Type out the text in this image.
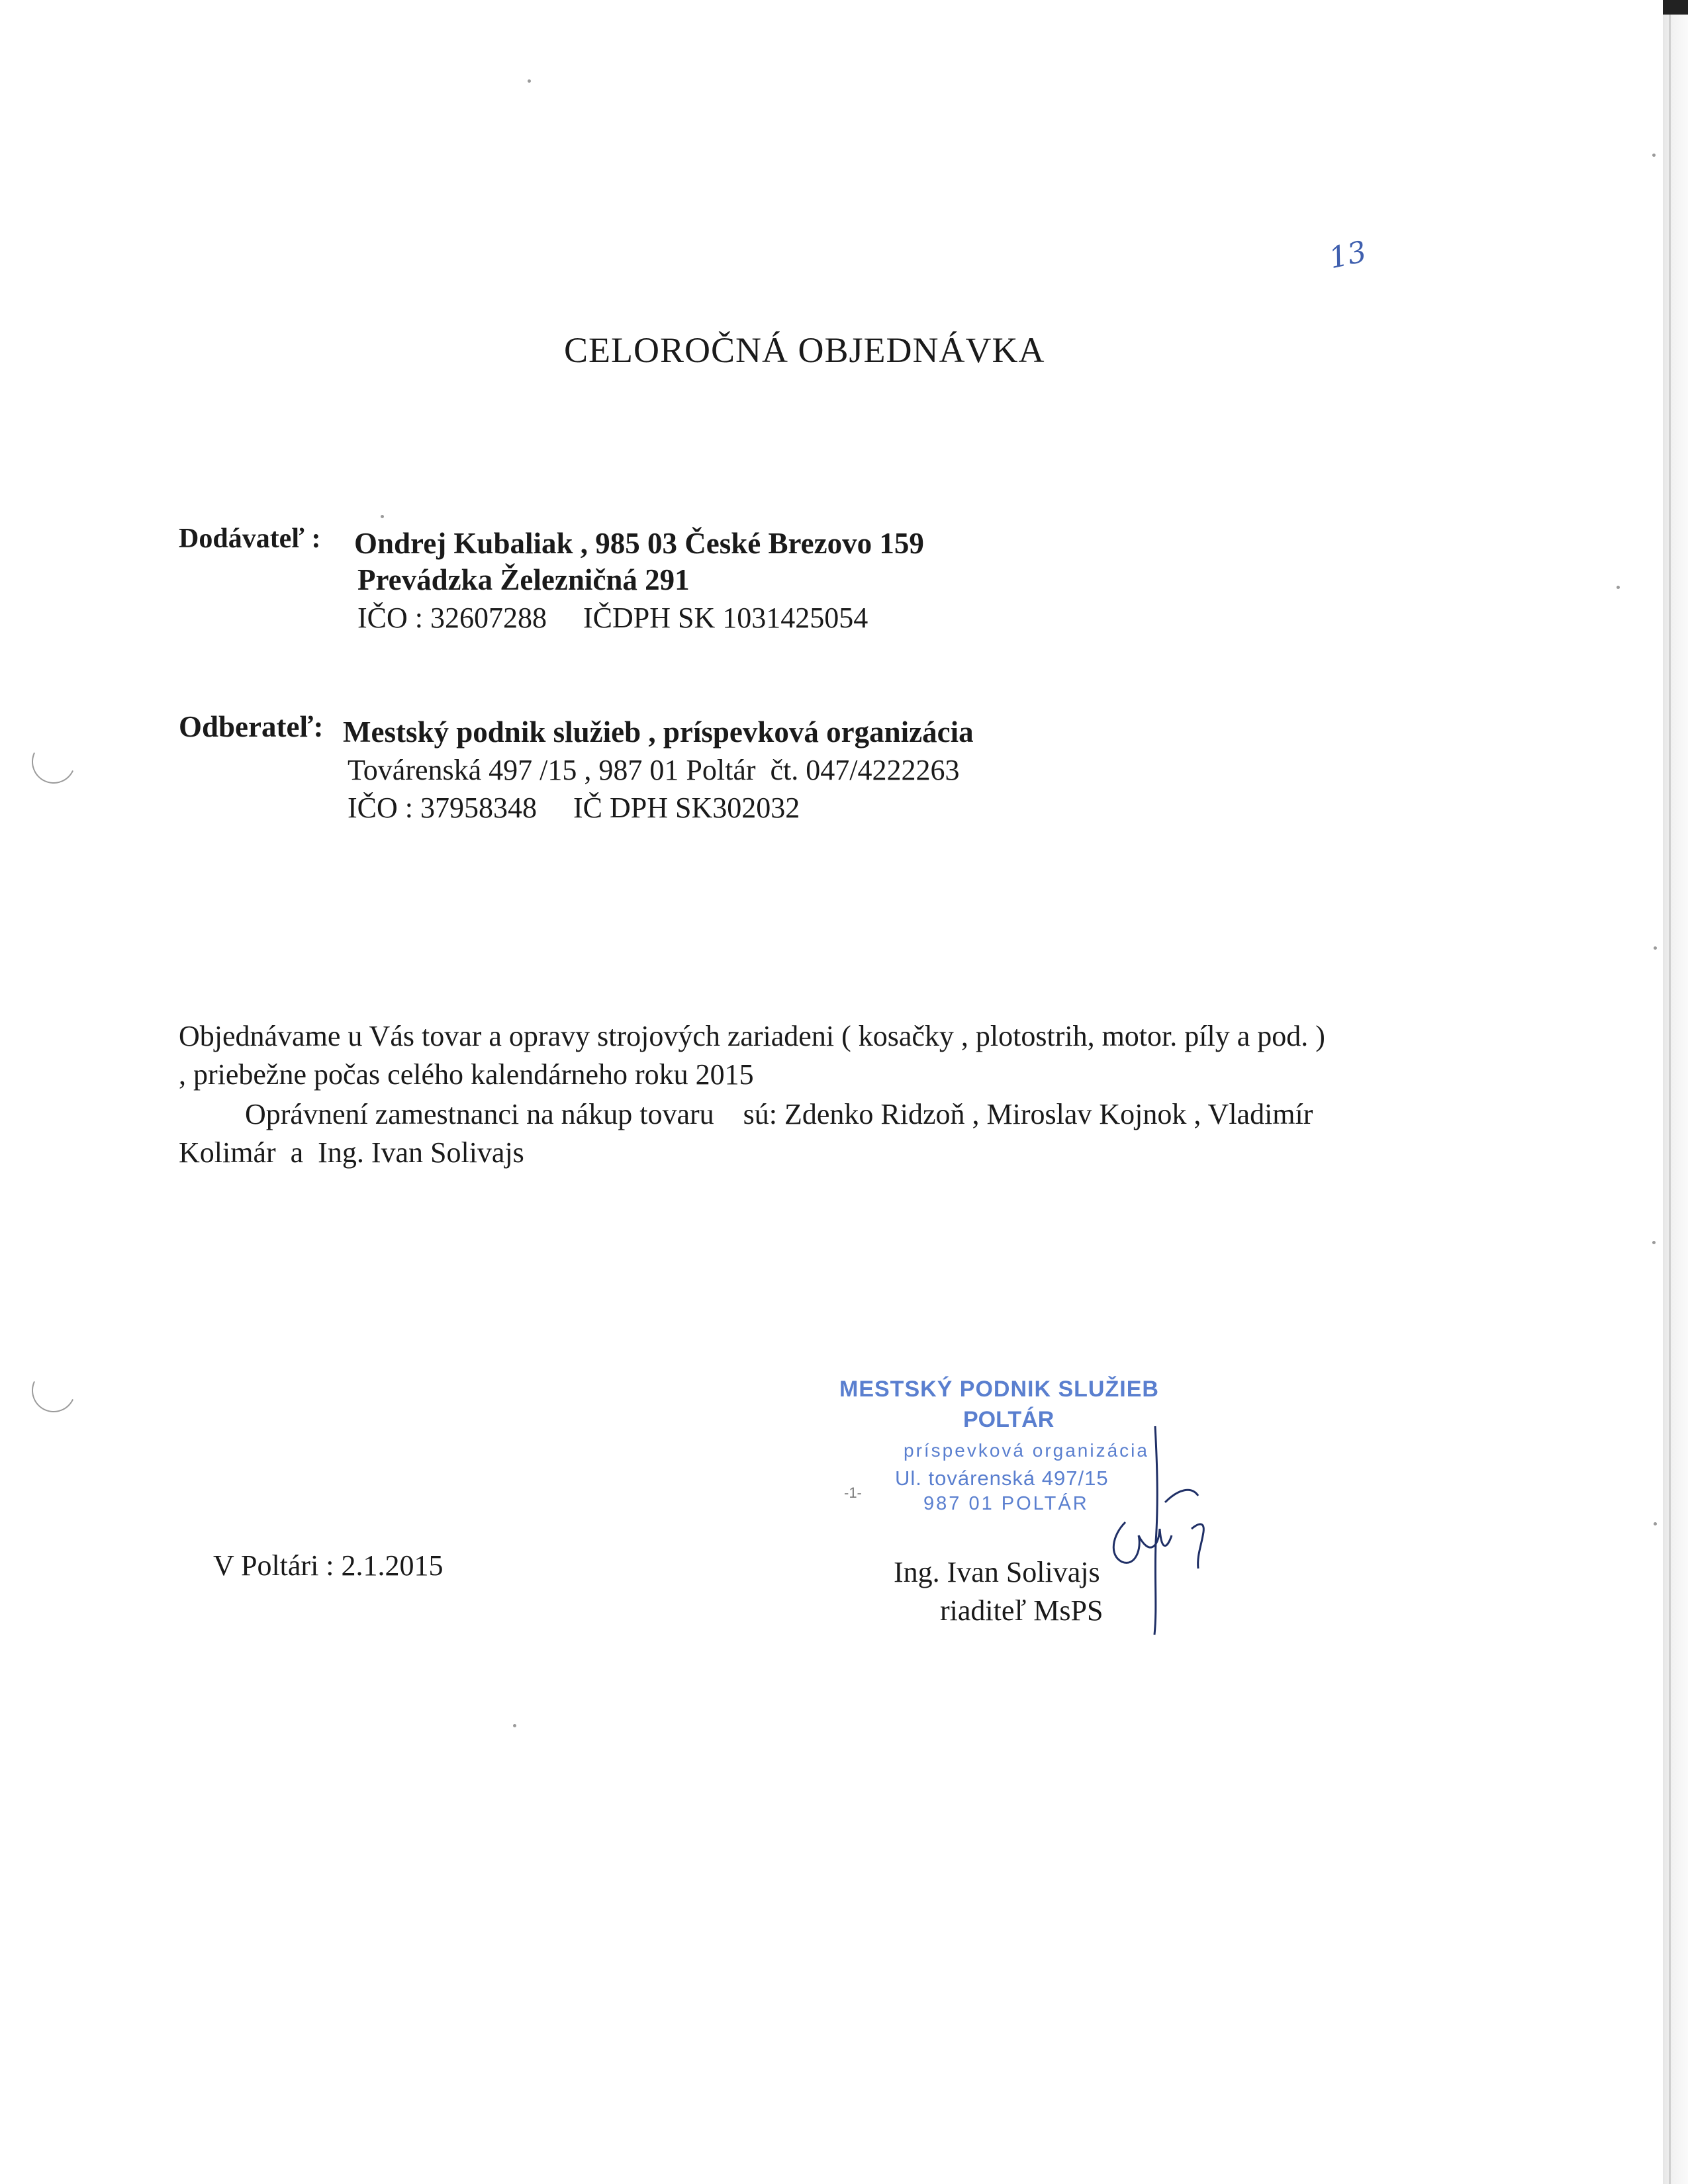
13
CELOROČNÁ OBJEDNÁVKA
Dodávateľ : Ondrej Kubaliak , 985 03 České Brezovo 159
Prevádzka Železničná 291
IČO : 32607288     IČDPH SK 1031425054
Odberateľ: Mestský podnik služieb , príspevková organizácia
Továrenská 497 /15 , 987 01 Poltár  čt. 047/4222263
IČO : 37958348     IČ DPH SK302032
Objednávame u Vás tovar a opravy strojových zariadeni ( kosačky , plotostrih, motor. píly a pod. )
, priebežne počas celého kalendárneho roku 2015
Oprávnení zamestnanci na nákup tovaru    sú: Zdenko Ridzoň , Miroslav Kojnok , Vladimír
Kolimár  a  Ing. Ivan Solivajs
MESTSKÝ PODNIK SLUŽIEB
POLTÁR
príspevková organizácia
Ul. továrenská 497/15
987 01 POLTÁR
-1-
V Poltári : 2.1.2015	Ing. Ivan Solivajs
riaditeľ MsPS
